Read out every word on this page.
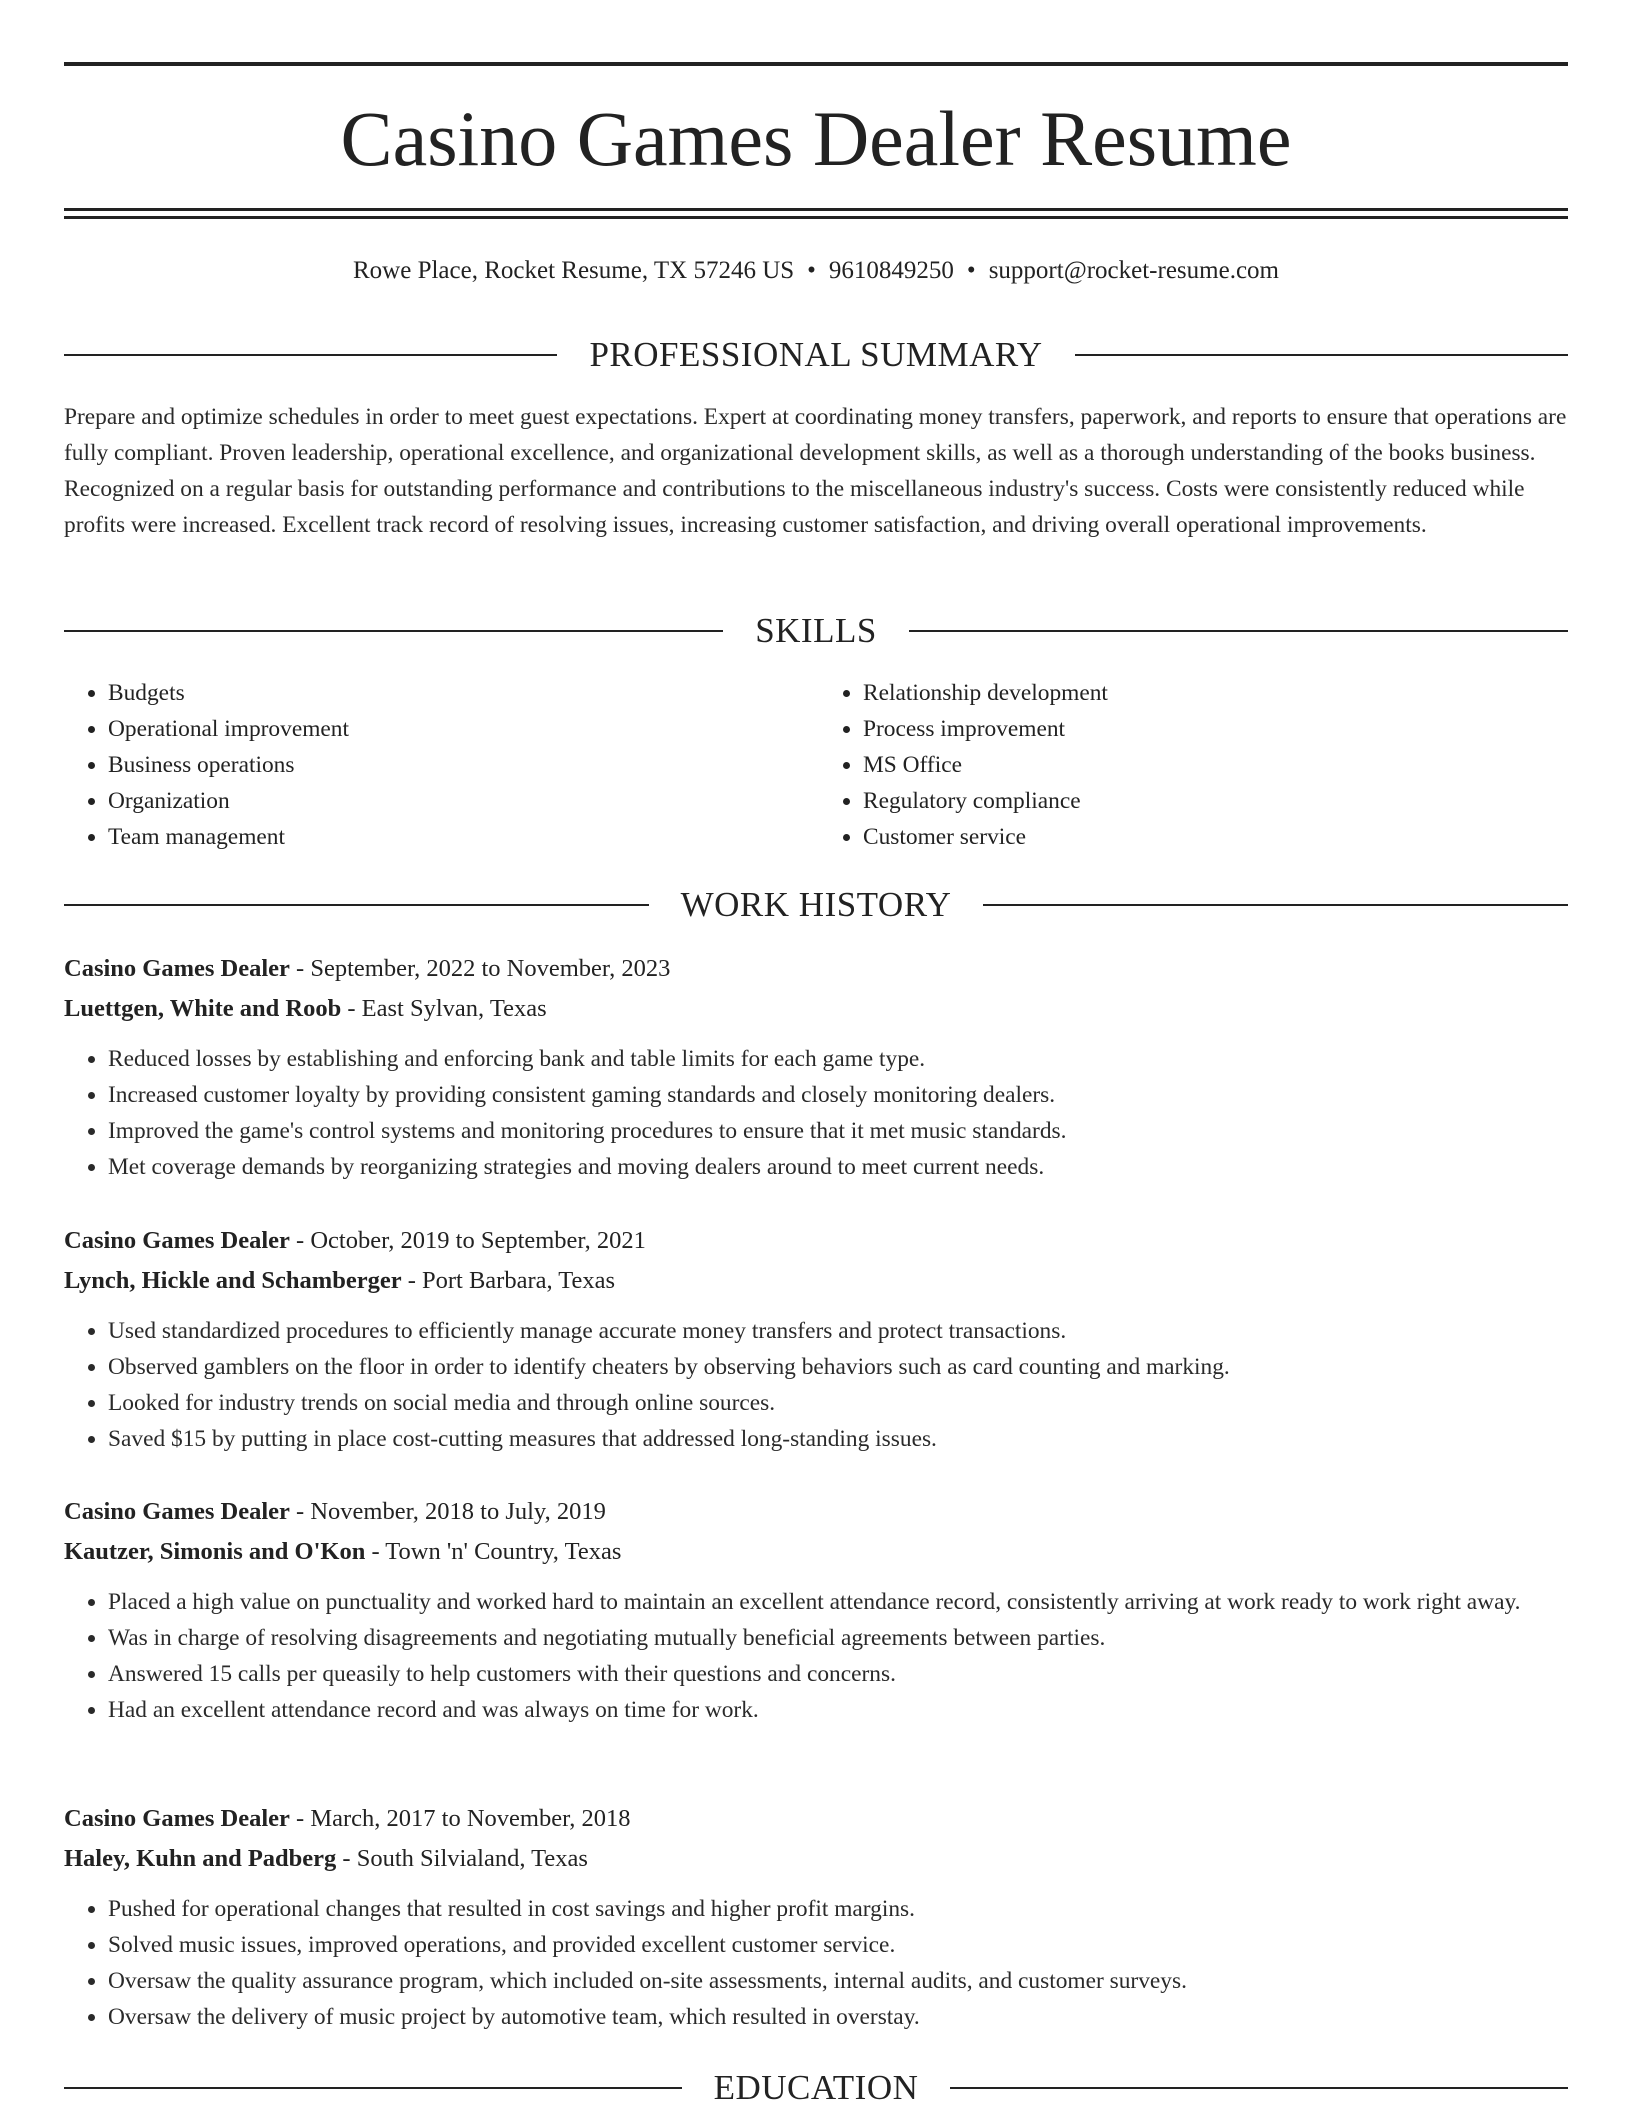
Casino Games Dealer Resume
Rowe Place, Rocket Resume, TX 57246 US • 9610849250 • support@rocket-resume.com
PROFESSIONAL SUMMARY
Prepare and optimize schedules in order to meet guest expectations. Expert at coordinating money transfers, paperwork, and reports to ensure that operations are fully compliant. Proven leadership, operational excellence, and organizational development skills, as well as a thorough understanding of the books business. Recognized on a regular basis for outstanding performance and contributions to the miscellaneous industry's success. Costs were consistently reduced while profits were increased. Excellent track record of resolving issues, increasing customer satisfaction, and driving overall operational improvements.
SKILLS
• Budgets
• Operational improvement
• Business operations
• Organization
• Team management
• Relationship development
• Process improvement
• MS Office
• Regulatory compliance
• Customer service
WORK HISTORY
Casino Games Dealer - September, 2022 to November, 2023
Luettgen, White and Roob - East Sylvan, Texas
• Reduced losses by establishing and enforcing bank and table limits for each game type.
• Increased customer loyalty by providing consistent gaming standards and closely monitoring dealers.
• Improved the game's control systems and monitoring procedures to ensure that it met music standards.
• Met coverage demands by reorganizing strategies and moving dealers around to meet current needs.
Casino Games Dealer - October, 2019 to September, 2021
Lynch, Hickle and Schamberger - Port Barbara, Texas
• Used standardized procedures to efficiently manage accurate money transfers and protect transactions.
• Observed gamblers on the floor in order to identify cheaters by observing behaviors such as card counting and marking.
• Looked for industry trends on social media and through online sources.
• Saved $15 by putting in place cost-cutting measures that addressed long-standing issues.
Casino Games Dealer - November, 2018 to July, 2019
Kautzer, Simonis and O'Kon - Town 'n' Country, Texas
• Placed a high value on punctuality and worked hard to maintain an excellent attendance record, consistently arriving at work ready to work right away.
• Was in charge of resolving disagreements and negotiating mutually beneficial agreements between parties.
• Answered 15 calls per queasily to help customers with their questions and concerns.
• Had an excellent attendance record and was always on time for work.
Casino Games Dealer - March, 2017 to November, 2018
Haley, Kuhn and Padberg - South Silvialand, Texas
• Pushed for operational changes that resulted in cost savings and higher profit margins.
• Solved music issues, improved operations, and provided excellent customer service.
• Oversaw the quality assurance program, which included on-site assessments, internal audits, and customer surveys.
• Oversaw the delivery of music project by automotive team, which resulted in overstay.
EDUCATION
